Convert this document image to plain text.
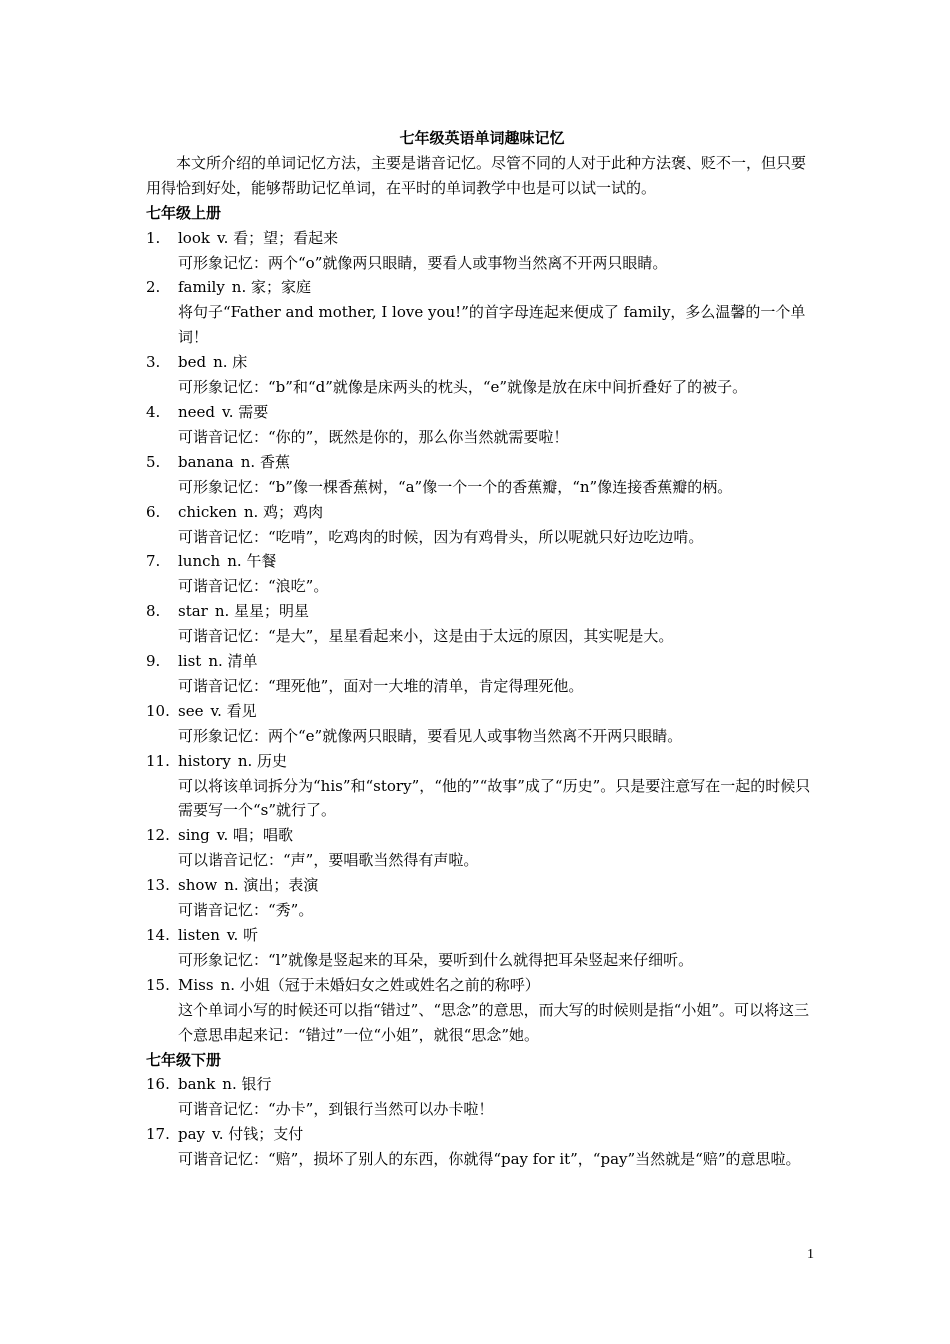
七年级英语单词趣味记忆

本文所介绍的单词记忆方法，主要是谐音记忆。尽管不同的人对于此种方法褒、贬不一，但只要用得恰到好处，能够帮助记忆单词，在平时的单词教学中也是可以试一试的。

七年级上册

1.	look v. 看；望；看起来
可形象记忆：两个“o”就像两只眼睛，要看人或事物当然离不开两只眼睛。
2.	family n. 家；家庭
将句子“Father and mother, I love you!”的首字母连起来便成了 family，多么温馨的一个单词！
3.	bed n. 床
可形象记忆：“b”和“d”就像是床两头的枕头，“e”就像是放在床中间折叠好了的被子。
4.	need v. 需要
可谐音记忆：“你的”，既然是你的，那么你当然就需要啦！
5.	banana n. 香蕉
可形象记忆：“b”像一棵香蕉树，“a”像一个一个的香蕉瓣，“n”像连接香蕉瓣的柄。
6.	chicken n. 鸡；鸡肉
可谐音记忆：“吃啃”，吃鸡肉的时候，因为有鸡骨头，所以呢就只好边吃边啃。
7.	lunch n. 午餐
可谐音记忆：“浪吃”。
8.	star n. 星星；明星
可谐音记忆：“是大”，星星看起来小，这是由于太远的原因，其实呢是大。
9.	list n. 清单
可谐音记忆：“理死他”，面对一大堆的清单，肯定得理死他。
10. see v. 看见
可形象记忆：两个“e”就像两只眼睛，要看见人或事物当然离不开两只眼睛。
11. history n. 历史
可以将该单词拆分为“his”和“story”，“他的”“故事”成了“历史”。只是要注意写在一起的时候只需要写一个“s”就行了。
12. sing v. 唱；唱歌
可以谐音记忆：“声”，要唱歌当然得有声啦。
13. show n. 演出；表演
可谐音记忆：“秀”。
14. listen v. 听
可形象记忆：“l”就像是竖起来的耳朵，要听到什么就得把耳朵竖起来仔细听。
15. Miss n. 小姐（冠于未婚妇女之姓或姓名之前的称呼）
这个单词小写的时候还可以指“错过”、“思念”的意思，而大写的时候则是指“小姐”。可以将这三个意思串起来记：“错过”一位“小姐”，就很“思念”她。

七年级下册

16. bank n. 银行
可谐音记忆：“办卡”，到银行当然可以办卡啦！
17. pay v. 付钱；支付
可谐音记忆：“赔”，损坏了别人的东西，你就得“pay for it”，“pay”当然就是“赔”的意思啦。
1
